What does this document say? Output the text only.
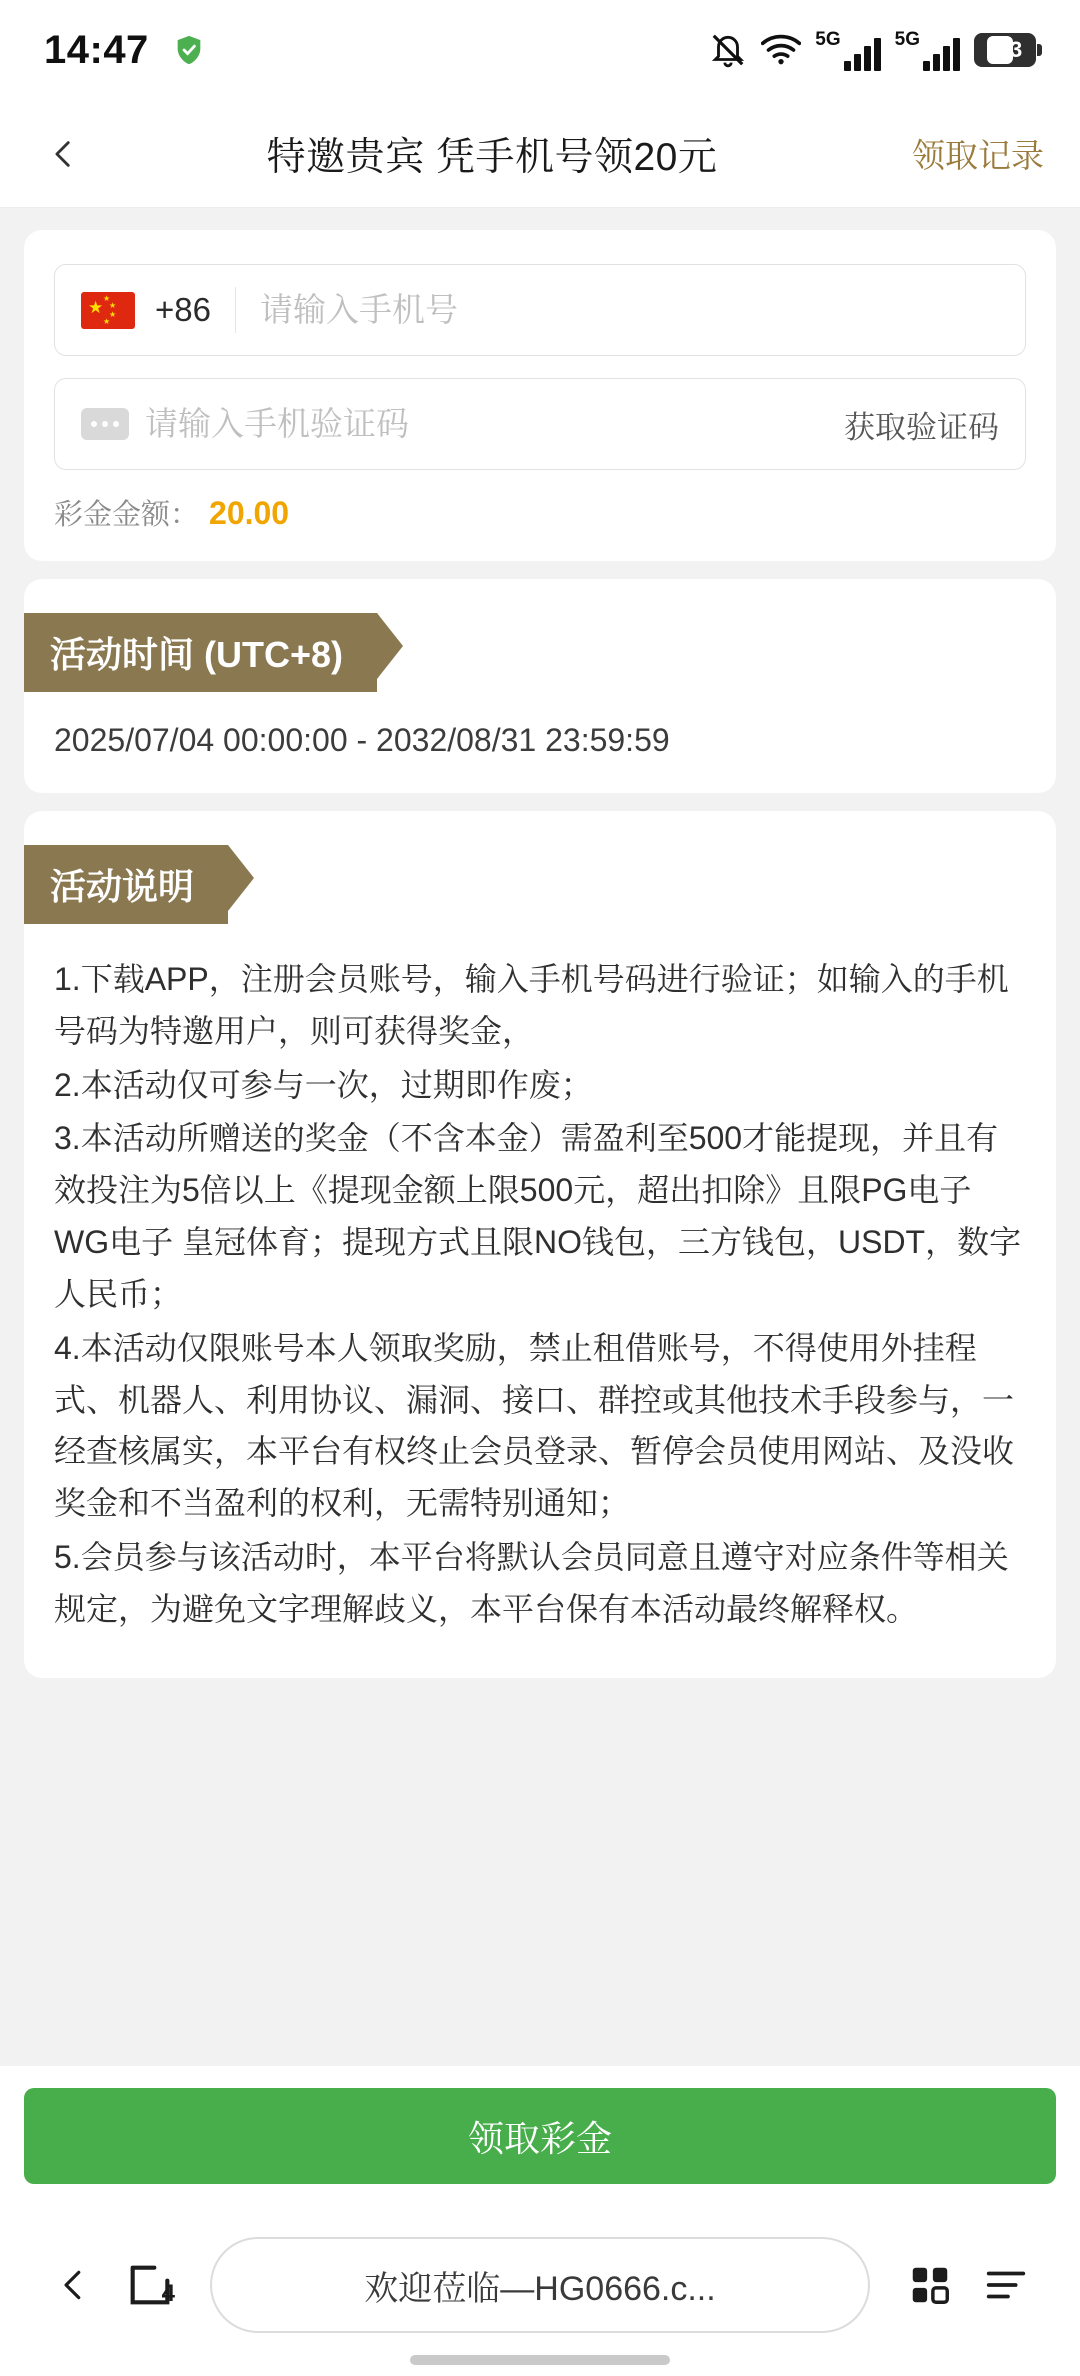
14:47	5G	5G	43
特邀贵宾 凭手机号领20元	领取记录
★ ★
★
★
★ +86
请输入手机号
请输入手机验证码
获取验证码
彩金金额： 20.00
活动时间 (UTC+8)
2025/07/04 00:00:00 - 2032/08/31 23:59:59
活动说明

1.下载APP，注册会员账号，输入手机号码进行验证；如输入的手机号码为特邀用户，则可获得奖金，

2.本活动仅可参与一次，过期即作废；

3.本活动所赠送的奖金（不含本金）需盈利至500才能提现，并且有效投注为5倍以上《提现金额上限500元，超出扣除》且限PG电子 WG电子 皇冠体育；提现方式且限NO钱包，三方钱包，USDT，数字人民币；

4.本活动仅限账号本人领取奖励，禁止租借账号，不得使用外挂程式、机器人、利用协议、漏洞、接口、群控或其他技术手段参与，一经查核属实，本平台有权终止会员登录、暂停会员使用网站、及没收奖金和不当盈利的权利，无需特别通知；

5.会员参与该活动时，本平台将默认会员同意且遵守对应条件等相关规定，为避免文字理解歧义，本平台保有本活动最终解释权。

领取彩金
4	欢迎莅临—HG0666.c...
